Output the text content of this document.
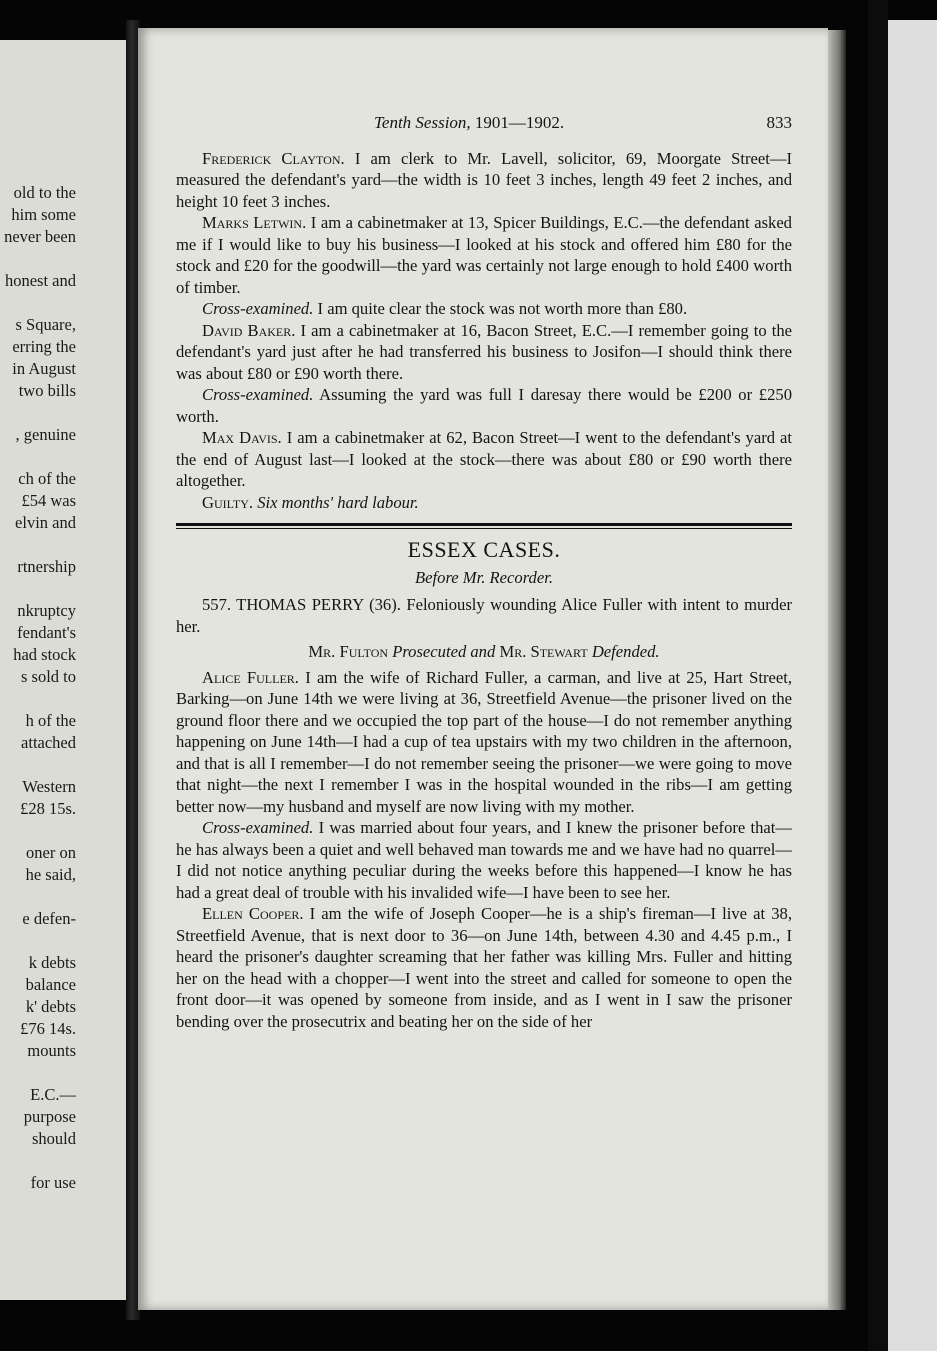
old to the
him some
never been
honest and
s Square,
erring the
in August
two bills
, genuine
ch of the
£54 was
elvin and
rtnership
nkruptcy
fendant's
had stock
s sold to
h of the
attached
Western
£28 15s.
oner on
he said,
e defen-
k debts
balance
k' debts
£76 14s.
mounts
E.C.—
purpose
should
for use
Tenth Session, 1901—1902.	833

Frederick Clayton. I am clerk to Mr. Lavell, solicitor, 69, Moorgate Street—I measured the defendant's yard—the width is 10 feet 3 inches, length 49 feet 2 inches, and height 10 feet 3 inches.

Marks Letwin. I am a cabinetmaker at 13, Spicer Buildings, E.C.—the defendant asked me if I would like to buy his business—I looked at his stock and offered him £80 for the stock and £20 for the goodwill—the yard was certainly not large enough to hold £400 worth of timber.

Cross-examined. I am quite clear the stock was not worth more than £80.

David Baker. I am a cabinetmaker at 16, Bacon Street, E.C.—I remember going to the defendant's yard just after he had transferred his business to Josifon—I should think there was about £80 or £90 worth there.

Cross-examined. Assuming the yard was full I daresay there would be £200 or £250 worth.

Max Davis. I am a cabinetmaker at 62, Bacon Street—I went to the defendant's yard at the end of August last—I looked at the stock—there was about £80 or £90 worth there altogether.

Guilty. Six months' hard labour.

ESSEX CASES.
Before Mr. Recorder.

557. THOMAS PERRY (36). Feloniously wounding Alice Fuller with intent to murder her.

Mr. Fulton Prosecuted and Mr. Stewart Defended.

Alice Fuller. I am the wife of Richard Fuller, a carman, and live at 25, Hart Street, Barking—on June 14th we were living at 36, Streetfield Avenue—the prisoner lived on the ground floor there and we occupied the top part of the house—I do not remember anything happening on June 14th—I had a cup of tea upstairs with my two children in the afternoon, and that is all I remember—I do not remember seeing the prisoner—we were going to move that night—the next I remember I was in the hospital wounded in the ribs—I am getting better now—my husband and myself are now living with my mother.

Cross-examined. I was married about four years, and I knew the prisoner before that—he has always been a quiet and well behaved man towards me and we have had no quarrel—I did not notice anything peculiar during the weeks before this happened—I know he has had a great deal of trouble with his invalided wife—I have been to see her.

Ellen Cooper. I am the wife of Joseph Cooper—he is a ship's fireman—I live at 38, Streetfield Avenue, that is next door to 36—on June 14th, between 4.30 and 4.45 p.m., I heard the prisoner's daughter screaming that her father was killing Mrs. Fuller and hitting her on the head with a chopper—I went into the street and called for someone to open the front door—it was opened by someone from inside, and as I went in I saw the prisoner bending over the prosecutrix and beating her on the side of her
